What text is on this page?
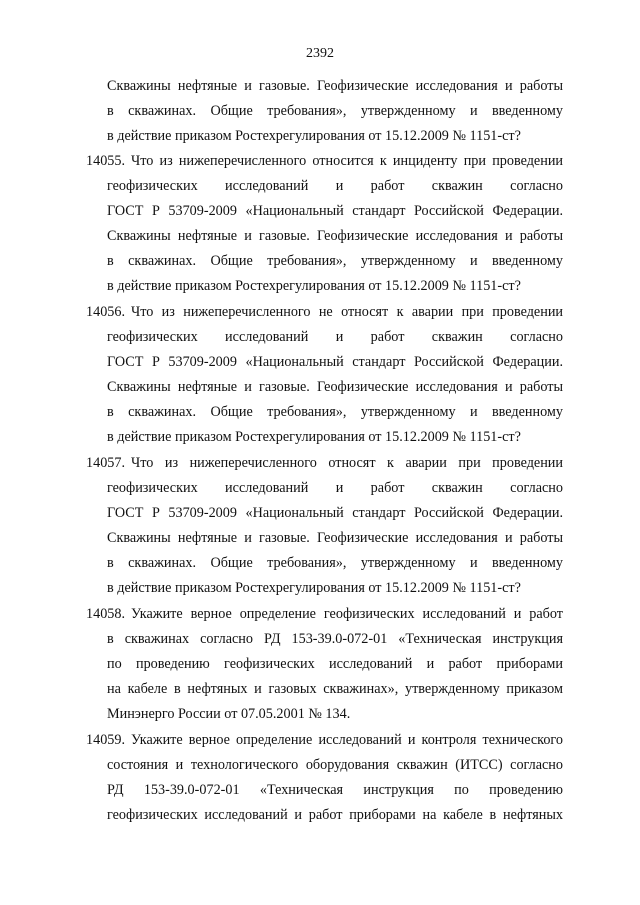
2392
Скважины нефтяные и газовые. Геофизические исследования и работы
в скважинах. Общие требования», утвержденному и введенному
в действие приказом Ростехрегулирования от 15.12.2009 № 1151-ст?
14055. Что из нижеперечисленного относится к инциденту при проведении
геофизических исследований и работ скважин согласно
ГОСТ Р 53709-2009 «Национальный стандарт Российской Федерации.
Скважины нефтяные и газовые. Геофизические исследования и работы
в скважинах. Общие требования», утвержденному и введенному
в действие приказом Ростехрегулирования от 15.12.2009 № 1151-ст?
14056. Что из нижеперечисленного не относят к аварии при проведении
геофизических исследований и работ скважин согласно
ГОСТ Р 53709-2009 «Национальный стандарт Российской Федерации.
Скважины нефтяные и газовые. Геофизические исследования и работы
в скважинах. Общие требования», утвержденному и введенному
в действие приказом Ростехрегулирования от 15.12.2009 № 1151-ст?
14057. Что из нижеперечисленного относят к аварии при проведении
геофизических исследований и работ скважин согласно
ГОСТ Р 53709-2009 «Национальный стандарт Российской Федерации.
Скважины нефтяные и газовые. Геофизические исследования и работы
в скважинах. Общие требования», утвержденному и введенному
в действие приказом Ростехрегулирования от 15.12.2009 № 1151-ст?
14058. Укажите верное определение геофизических исследований и работ
в скважинах согласно РД 153-39.0-072-01 «Техническая инструкция
по проведению геофизических исследований и работ приборами
на кабеле в нефтяных и газовых скважинах», утвержденному приказом
Минэнерго России от 07.05.2001 № 134.
14059. Укажите верное определение исследований и контроля технического
состояния и технологического оборудования скважин (ИТСС) согласно
РД 153-39.0-072-01 «Техническая инструкция по проведению
геофизических исследований и работ приборами на кабеле в нефтяных
